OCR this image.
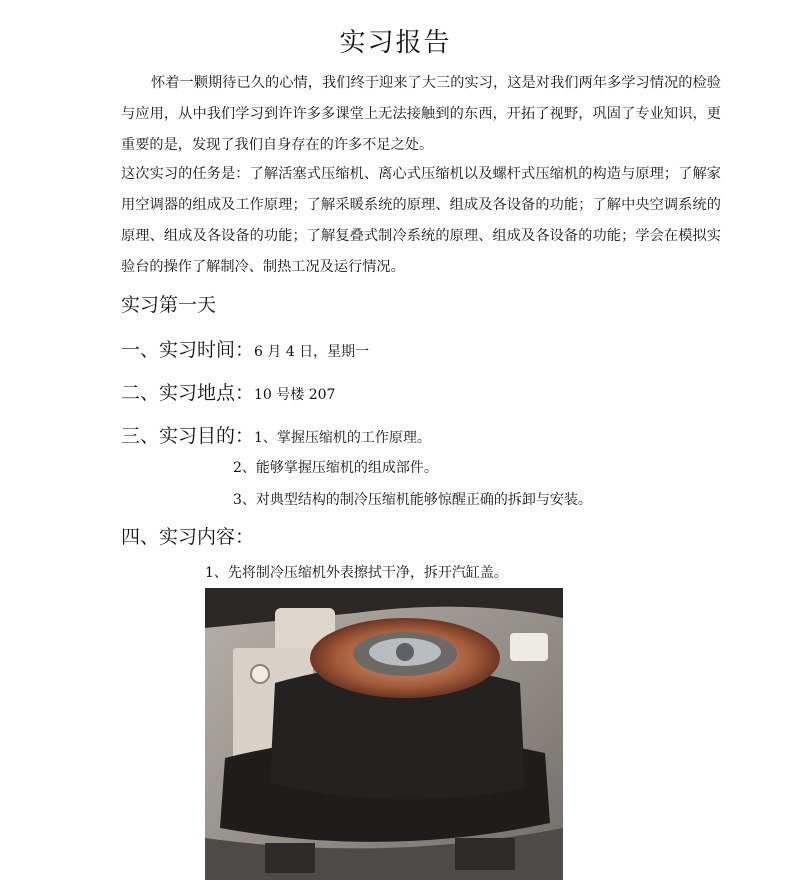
实习报告

怀着一颗期待已久的心情，我们终于迎来了大三的实习，这是对我们两年多学习情况的检验与应用，从中我们学习到许许多多课堂上无法接触到的东西，开拓了视野，巩固了专业知识，更重要的是，发现了我们自身存在的许多不足之处。

这次实习的任务是：了解活塞式压缩机、离心式压缩机以及螺杆式压缩机的构造与原理；了解家用空调器的组成及工作原理；了解采暖系统的原理、组成及各设备的功能；了解中央空调系统的原理、组成及各设备的功能；了解复叠式制冷系统的原理、组成及各设备的功能；学会在模拟实验台的操作了解制冷、制热工况及运行情况。

实习第一天
一、实习时间：6 月 4 日，星期一
二、实习地点：10 号楼 207
三、实习目的：1、掌握压缩机的工作原理。

2、能够掌握压缩机的组成部件。

3、对典型结构的制冷压缩机能够惊醒正确的拆卸与安装。

四、实习内容：

1、先将制冷压缩机外表擦拭干净，拆开汽缸盖。
